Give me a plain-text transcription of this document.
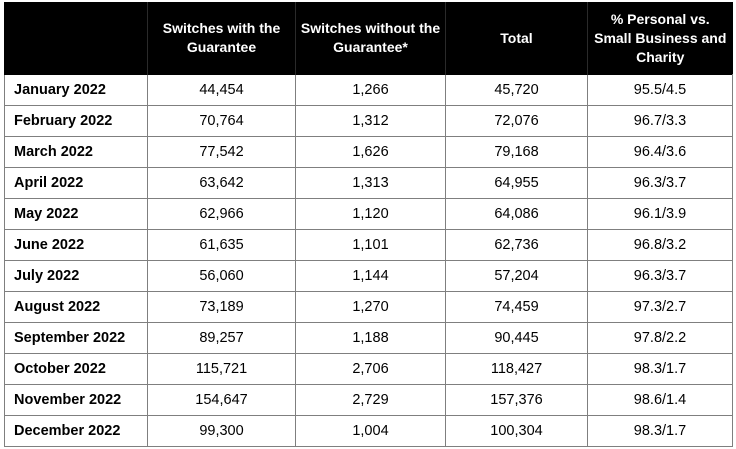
	Switches with the Guarantee	Switches without the Guarantee*	Total	% Personal vs. Small Business and Charity
January 2022	44,454	1,266	45,720	95.5/4.5
February 2022	70,764	1,312	72,076	96.7/3.3
March 2022	77,542	1,626	79,168	96.4/3.6
April 2022	63,642	1,313	64,955	96.3/3.7
May 2022	62,966	1,120	64,086	96.1/3.9
June 2022	61,635	1,101	62,736	96.8/3.2
July 2022	56,060	1,144	57,204	96.3/3.7
August 2022	73,189	1,270	74,459	97.3/2.7
September 2022	89,257	1,188	90,445	97.8/2.2
October 2022	115,721	2,706	118,427	98.3/1.7
November 2022	154,647	2,729	157,376	98.6/1.4
December 2022	99,300	1,004	100,304	98.3/1.7
